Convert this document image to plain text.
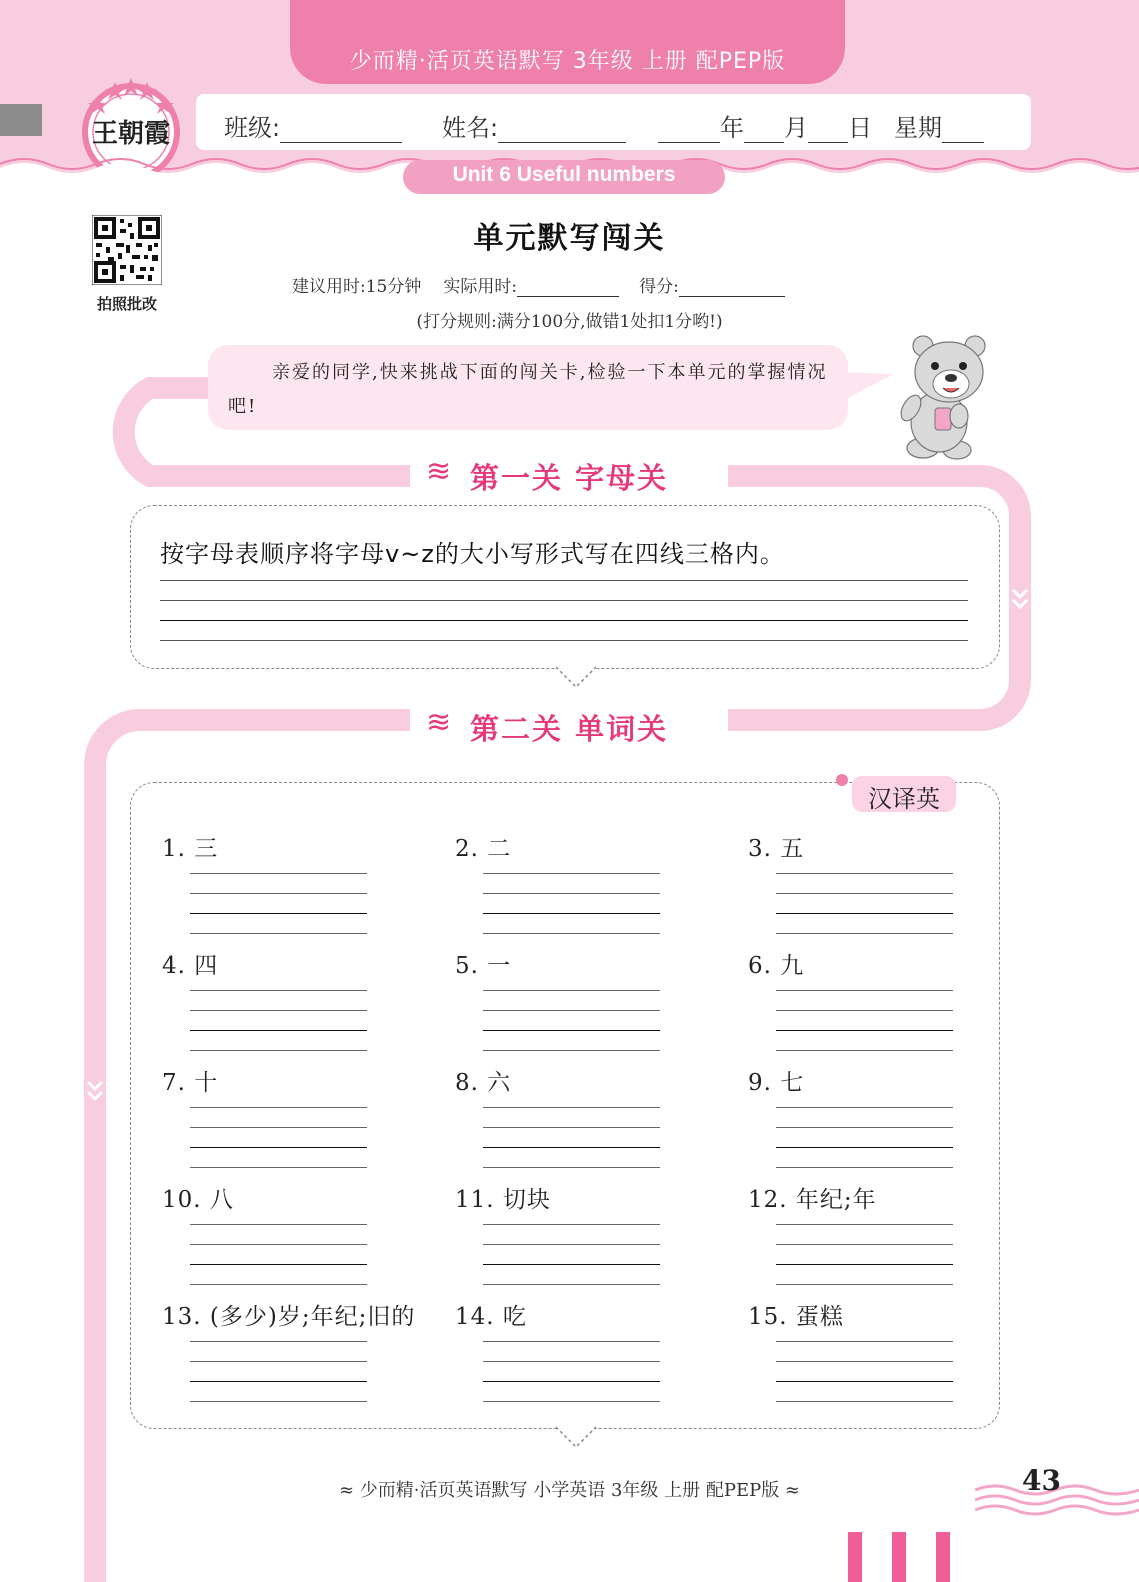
少而精·活页英语默写 3年级 上册 配PEP版
王朝霞 班级:	姓名:	年 月 日 星期
Unit 6 Useful numbers
拍照批改
单元默写闯关
建议用时:15分钟 实际用时:	得分:
(打分规则:满分100分,做错1处扣1分哟!)
亲爱的同学,快来挑战下面的闯关卡,检验一下本单元的掌握情况吧!
≋ 第一关 字母关
按字母表顺序将字母v~z的大小写形式写在四线三格内。
≋ 第二关 单词关
汉译英
1. 三	2. 二	3. 五
4. 四	5. 一	6. 九
7. 十	8. 六	9. 七
10. 八	11. 切块	12. 年纪;年
13. (多少)岁;年纪;旧的	14. 吃	15. 蛋糕
≈ 少而精·活页英语默写 小学英语 3年级 上册 配PEP版 ≈	43
